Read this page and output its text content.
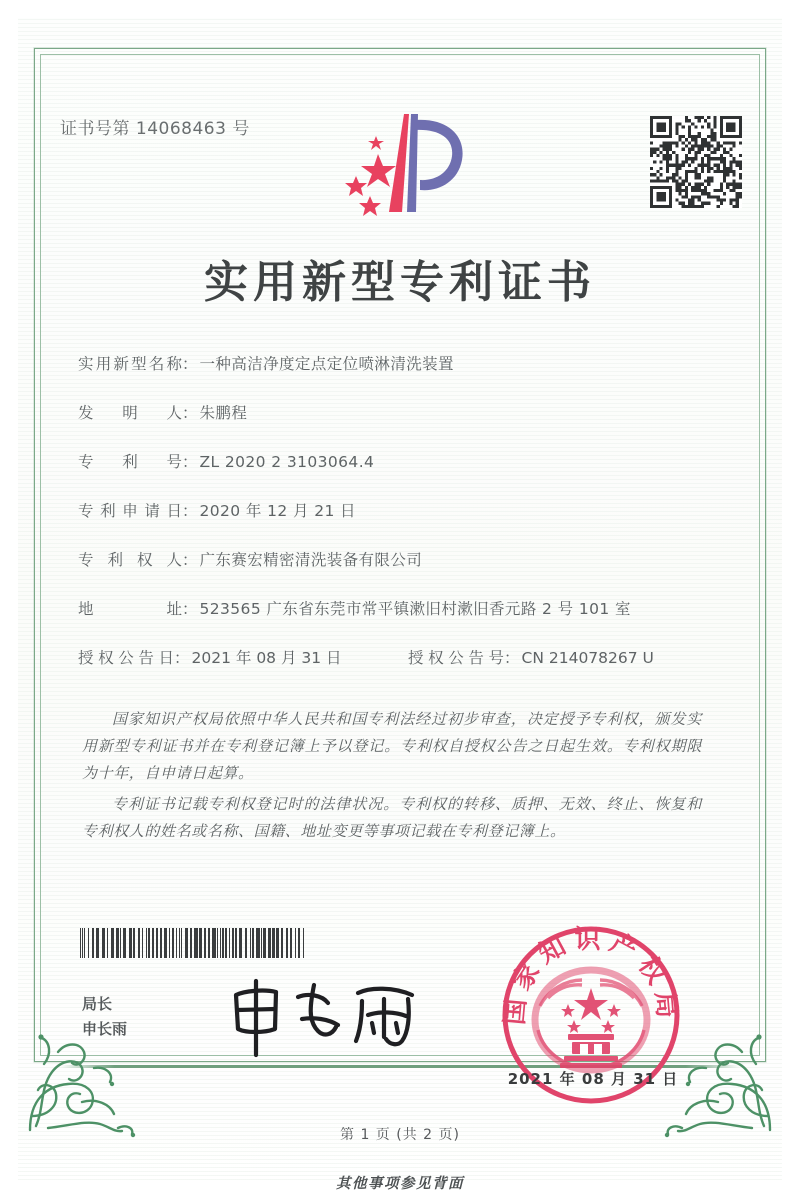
证书号第 14068463 号
实用新型专利证书
实 用 新 型 名 称 ： 一种高洁净度定点定位喷淋清洗装置
发 明 人 ： 朱鹏程
专 利 号 ： ZL 2020 2 3103064.4
专 利 申 请 日 ： 2020 年 12 月 21 日
专 利 权 人 ： 广东赛宏精密清洗装备有限公司
地	址 ： 523565 广东省东莞市常平镇漱旧村漱旧香元路 2 号 101 室
授 权 公 告 日 ： 2021 年 08 月 31 日	授 权 公 告 号 ： CN 214078267 U

国家知识产权局依照中华人民共和国专利法经过初步审查，决定授予专利权，颁发实用新型专利证书并在专利登记簿上予以登记。专利权自授权公告之日起生效。专利权期限为十年，自申请日起算。

专利证书记载专利权登记时的法律状况。专利权的转移、质押、无效、终止、恢复和专利权人的姓名或名称、国籍、地址变更等事项记载在专利登记簿上。

局长
申长雨
国家知识产权局
2021 年 08 月 31 日
第 1 页 (共 2 页)
其他事项参见背面
